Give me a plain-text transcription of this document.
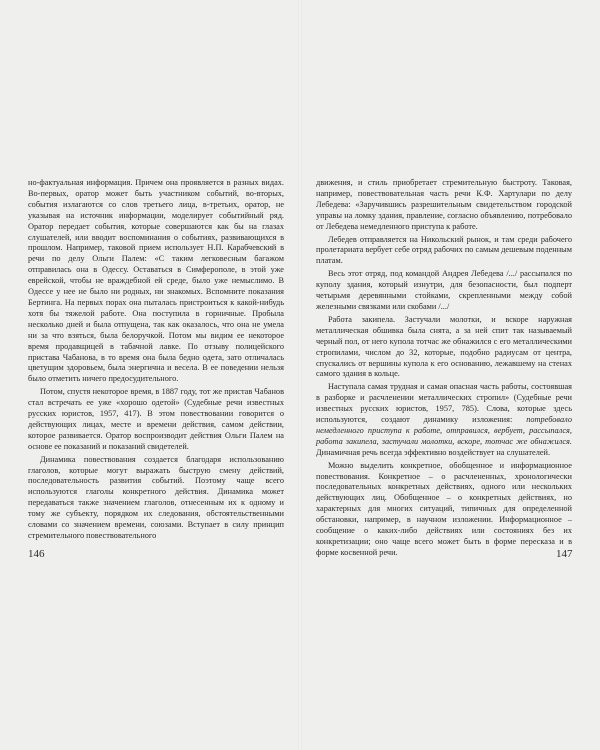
но-фактуальная информация. Причем она проявляется в разных видах. Во-первых, оратор может быть участником событий, во-вторых, события излагаются со слов третьего лица, в-третьих, оратор, не указывая на источник информации, моделирует событийный ряд. Оратор передает события, которые совершаются как бы на глазах слушателей, или вводит воспоминания о событиях, развивающихся в прошлом. Например, таковой прием использует Н.П. Карабчевский в речи по делу Ольги Палем: «С таким легковесным багажом отправилась она в Одессу. Оставаться в Симферополе, в этой уже еврейской, чтобы не враждебной ей среде, было уже немыслимо. В Одессе у нее не было ни родных, ни знакомых. Вспомните показания Бертинга. На первых порах она пыталась пристроиться к какой-нибудь хотя бы тяжелой работе. Она поступила в горничные. Пробыла несколько дней и была отпущена, так как оказалось, что она не умела ни за что взяться, была белоручкой. Потом мы видим ее некоторое время продавщицей в табачной лавке. По отзыву полицейского пристава Чабанова, в то время она была бедно одета, зато отличалась цветущим здоровьем, была энергична и весела. В ее поведении нельзя было отметить ничего предосудительного.

Потом, спустя некоторое время, в 1887 году, тот же пристав Чабанов стал встречать ее уже «хорошо одетой» (Судебные речи известных русских юристов, 1957, 417). В этом повествовании говорится о действующих лицах, месте и времени действия, самом действии, которое развивается. Оратор воспроизводит действия Ольги Палем на основе ее показаний и показаний свидетелей.

Динамика повествования создается благодаря использованию глаголов, которые могут выражать быструю смену действий, последовательность развития событий. Поэтому чаще всего используются глаголы конкретного действия. Динамика может передаваться также значением глаголов, отнесенным их к одному и тому же субъекту, порядком их следования, обстоятельственными словами со значением времени, союзами. Вступает в силу принцип стремительного повествовательного

146

движения, и стиль приобретает стремительную быстроту. Таковая, например, повествовательная часть речи К.Ф. Хартулари по делу Лебедева: «Заручившись разрешительным свидетельством городской управы на ломку здания, правление, согласно объявлению, потребовало от Лебедева немедленного приступа к работе.

Лебедев отправляется на Никольский рынок, и там среди рабочего пролетариата вербует себе отряд рабочих по самым дешевым поденным платам.

Весь этот отряд, под командой Андрея Лебедева /.../ рассыпался по куполу здания, который изнутри, для безопасности, был подперт четырьмя деревянными стойками, скрепленными между собой железными связками или скобами /.../

Работа закипела. Застучали молотки, и вскоре наружная металлическая обшивка была снята, а за ней спит так называемый черный пол, от него купола тотчас же обнажился с его металлическими стропилами, числом до 32, которые, подобно радиусам от центра, спускались от вершины купола к его основанию, лежавшему на стенах самого здания в кольце.

Наступала самая трудная и самая опасная часть работы, состоявшая в разборке и расчленении металлических стропил» (Судебные речи известных русских юристов, 1957, 785). Слова, которые здесь используются, создают динамику изложения: потребовало немедленного приступа к работе, отправился, вербует, рассыпался, работа закипела, застучали молотки, вскоре, тотчас же обнажился. Динамичная речь всегда эффективно воздействует на слушателей.

Можно выделить конкретное, обобщенное и информационное повествования. Конкретное – о расчлененных, хронологически последовательных конкретных действиях, одного или нескольких действующих лиц. Обобщенное – о конкретных действиях, но характерных для многих ситуаций, типичных для определенной обстановки, например, в научном изложении. Информационное – сообщение о каких-либо действиях или состояниях без их конкретизации; оно чаще всего может быть в форме пересказа и в форме косвенной речи.	147
